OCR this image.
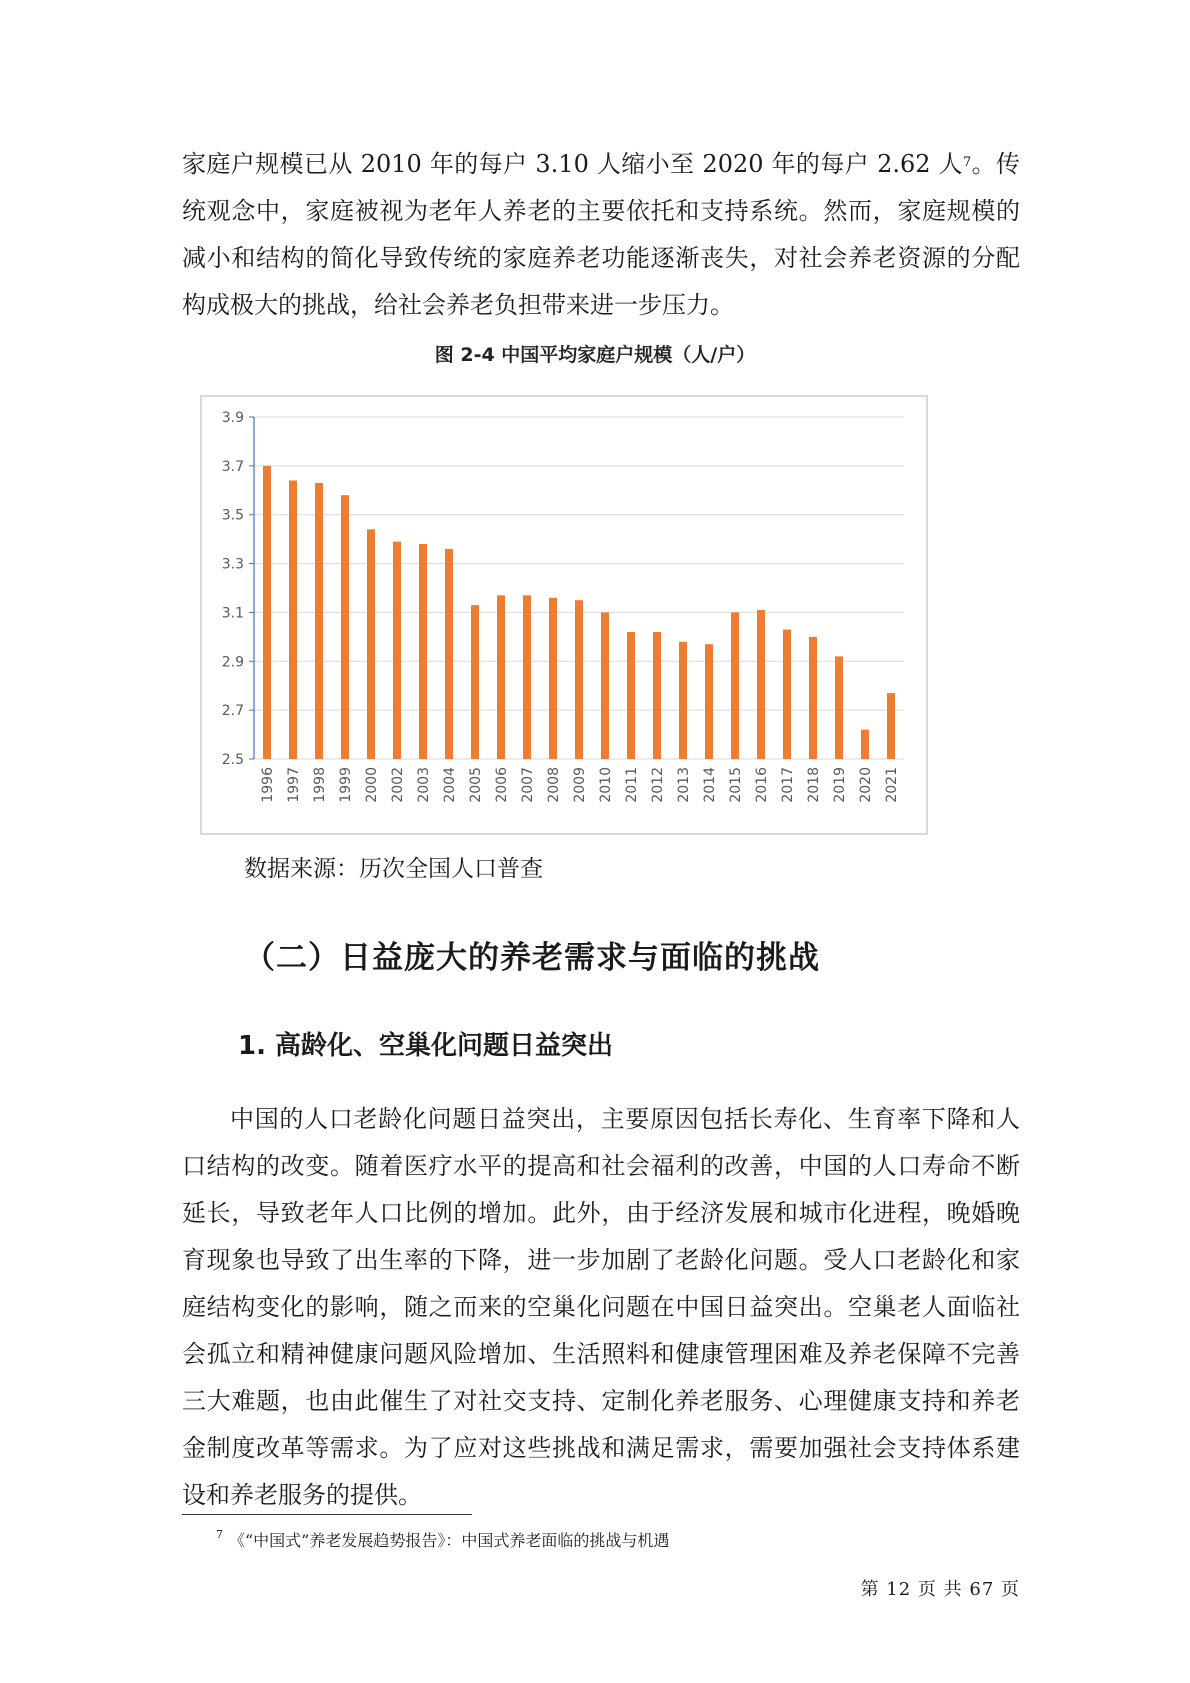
家庭户规模已从 2010 年的每户 3.10 人缩小至 2020 年的每户 2.62 人$^7$。传统观念中，家庭被视为老年人养老的主要依托和支持系统。然而，家庭规模的减小和结构的简化导致传统的家庭养老功能逐渐丧失，对社会养老资源的分配构成极大的挑战，给社会养老负担带来进一步压力。

图 2-4 中国平均家庭户规模（人/户）
2.5
2.7
2.9
3.1
3.3
3.5
3.7
3.9
1996 1997 1998 1999 2000 2002 2003 2004 2005 2006 2007 2008 2009 2010 2011 2012 2013 2014 2015 2016 2017 2018 2019 2020 2021
数据来源：历次全国人口普查
（二）日益庞大的养老需求与面临的挑战
1. 高龄化、空巢化问题日益突出

中国的人口老龄化问题日益突出，主要原因包括长寿化、生育率下降和人口结构的改变。随着医疗水平的提高和社会福利的改善，中国的人口寿命不断延长，导致老年人口比例的增加。此外，由于经济发展和城市化进程，晚婚晚育现象也导致了出生率的下降，进一步加剧了老龄化问题。受人口老龄化和家庭结构变化的影响，随之而来的空巢化问题在中国日益突出。空巢老人面临社会孤立和精神健康问题风险增加、生活照料和健康管理困难及养老保障不完善三大难题，也由此催生了对社交支持、定制化养老服务、心理健康支持和养老金制度改革等需求。为了应对这些挑战和满足需求，需要加强社会支持体系建设和养老服务的提供。

$^7$ 《“中国式”养老发展趋势报告》：中国式养老面临的挑战与机遇
第 12 页 共 67 页
